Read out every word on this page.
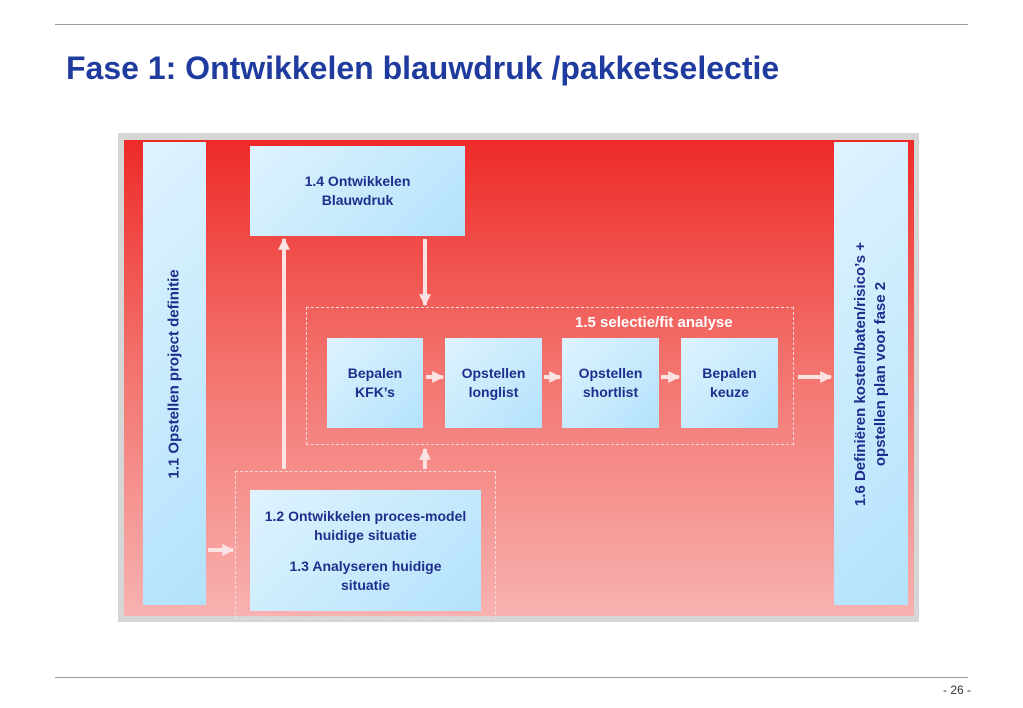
Fase 1: Ontwikkelen blauwdruk /pakketselectie
1.1 Opstellen project definitie
1.4 Ontwikkelen Blauwdruk
1.5 selectie/fit analyse
Bepalen KFK’s
Opstellen longlist
Opstellen shortlist
Bepalen keuze
1.2 Ontwikkelen proces-model huidige situatie
1.3 Analyseren huidige situatie
1.6 Definiëren kosten/baten/risico’s + opstellen plan voor fase 2
- 26 -
